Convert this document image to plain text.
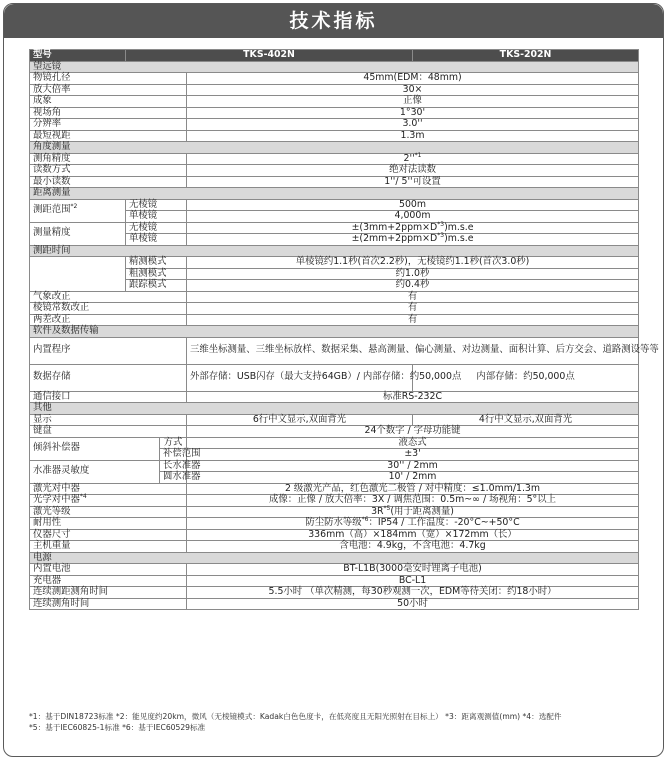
技术指标
型号	TKS-402N			TKS-202N
望远镜				
物镜孔径			45mm(EDM：48mm)	
放大倍率			30×	
成象			正像	
视场角			1°30'	
分辨率			3.0''	
最短视距			1.3m	
角度测量				
测角精度			$2''^{*1}$
读数方式			绝对法读数	
最小读数			1''/ 5''可设置	
距离测量				
测距范围$^{*2}$	无棱镜		500m	
	单棱镜		4,000m	
测量精度	无棱镜		$\pm(3mm+2ppm\times D^{*3})m.s.e$	
	单棱镜		$\pm(2mm+2ppm\times D^{*3})m.s.e$	
测距时间				
	精测模式		单棱镜约1.1秒(首次2.2秒)，无棱镜约1.1秒(首次3.0秒)	
	粗测模式		约1.0秒	
	跟踪模式		约0.4秒	
气象改正			有	
棱镜常数改正			有	
两差改正			有	
软件及数据传输				
内置程序			三维坐标测量、三维坐标放样、数据采集、悬高测量、偏心测量、对边测量、面积计算、后方交会、道路测设等等	
数据存储			外部存储：USB闪存（最大支持64GB）/ 内部存储：约50,000点	内部存储：约50,000点
通信接口			标准RS-232C	
其他				
显示			6行中文显示,双面背光	4行中文显示,双面背光
键盘			24个数字 / 字母功能键	
倾斜补偿器		方式	液态式	
		补偿范围	±3'	
水准器灵敏度		长水准器	30'' / 2mm	
		圆水准器	10' / 2mm	
激光对中器			2 级激光产品，红色激光二极管 / 对中精度：≤1.0mm/1.3m	
光学对中器$^{*4}$			成像：正像 / 放大倍率：3X / 调焦范围：0.5m~∞ / 场视角：5°以上	
激光等级			$3R^{*5}$(用于距离测量)	
耐用性			防尘防水等级$^{*6}$：IP54 / 工作温度：-20°C~+50°C	
仪器尺寸			336mm（高）×184mm（宽）×172mm（长）	
主机重量			含电池：4.9kg，不含电池：4.7kg	
电源				
内置电池			BT-L1B(3000毫安时锂离子电池)	
充电器			BC-L1	
连续测距测角时间			5.5小时 （单次精测，每30秒观测一次，EDM等待关闭：约18小时）	
连续测角时间			50小时	
*1：基于DIN18723标准 *2：能见度约20km，微风（无棱镜模式：Kadak白色色度卡，在低亮度且无阳光照射在目标上） *3：距离观测值(mm) *4：选配件
*5：基于IEC60825-1标准 *6：基于IEC60529标准
